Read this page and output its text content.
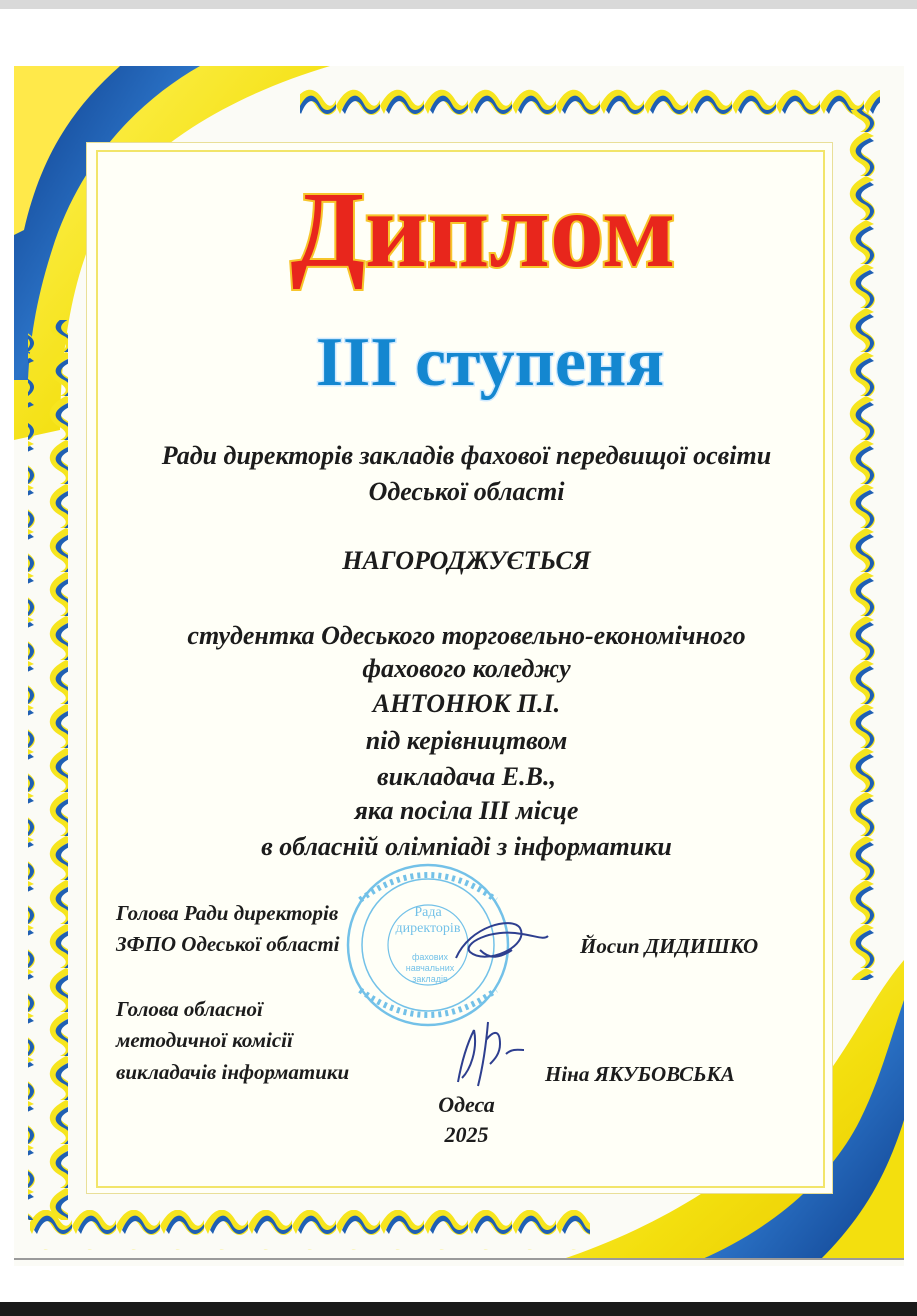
Диплом
III ступеня
Ради директорів закладів фахової передвищої освіти
Одеської області
НАГОРОДЖУЄТЬСЯ
студентка Одеського торговельно-економічного
фахового коледжу
АНТОНЮК П.І.
під керівництвом
викладача Е.В.,
яка посіла ІІІ місце
в обласній олімпіаді з інформатики
Рада
директорів
фахових
навчальних
закладів
Голова Ради директорів
ЗФПО Одеської області	Йосип ДИДИШКО
Голова обласної
методичної комісії
викладачів інформатики	Ніна ЯКУБОВСЬКА
Одеса
2025
